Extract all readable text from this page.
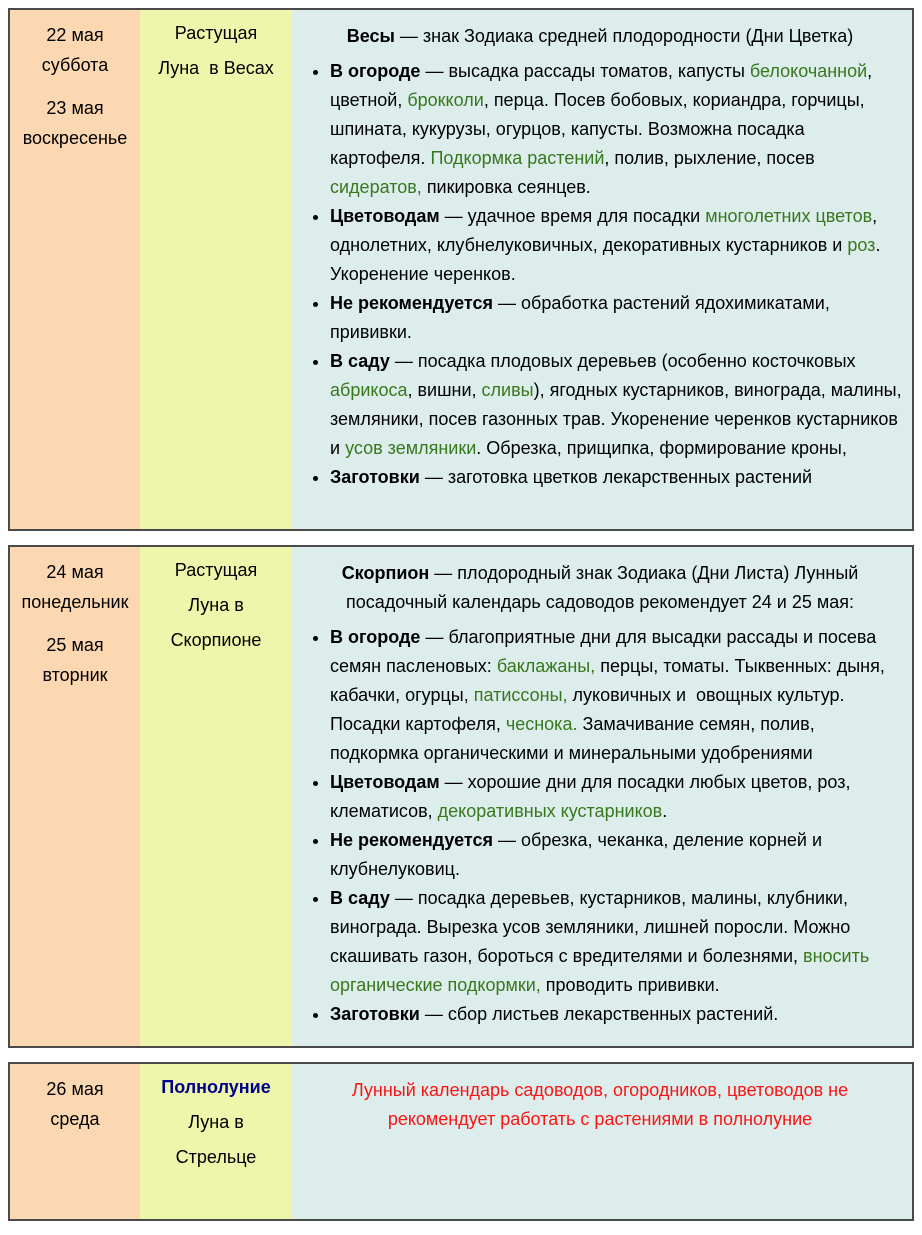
22 мая
суббота
23 мая
воскресенье
Растущая
Луна  в Весах

Весы — знак Зодиака средней плодородности (Дни Цветка)

• В огороде — высадка рассады томатов, капусты белокочанной, цветной, брокколи, перца. Посев бобовых, кориандра, горчицы, шпината, кукурузы, огурцов, капусты. Возможна посадка картофеля. Подкормка растений, полив, рыхление, посев сидератов, пикировка сеянцев.
• Цветоводам — удачное время для посадки многолетних цветов, однолетних, клубнелуковичных, декоративных кустарников и роз. Укоренение черенков.
• Не рекомендуется — обработка растений ядохимикатами, прививки.
• В саду — посадка плодовых деревьев (особенно косточковых абрикоса, вишни, сливы), ягодных кустарников, винограда, малины, земляники, посев газонных трав. Укоренение черенков кустарников и усов земляники. Обрезка, прищипка, формирование кроны,
• Заготовки — заготовка цветков лекарственных растений
24 мая
понедельник
25 мая
вторник
Растущая
Луна в
Скорпионе

Скорпион — плодородный знак Зодиака (Дни Листа) Лунный посадочный календарь садоводов рекомендует 24 и 25 мая:

• В огороде — благоприятные дни для высадки рассады и посева семян пасленовых: баклажаны, перцы, томаты. Тыквенных: дыня, кабачки, огурцы, патиссоны, луковичных и  овощных культур. Посадки картофеля, чеснока. Замачивание семян, полив, подкормка органическими и минеральными удобрениями
• Цветоводам — хорошие дни для посадки любых цветов, роз, клематисов, декоративных кустарников.
• Не рекомендуется — обрезка, чеканка, деление корней и клубнелуковиц.
• В саду — посадка деревьев, кустарников, малины, клубники, винограда. Вырезка усов земляники, лишней поросли. Можно скашивать газон, бороться с вредителями и болезнями, вносить органические подкормки, проводить прививки.
• Заготовки — сбор листьев лекарственных растений.
26 мая
среда
Полнолуние
Луна в
Стрельце

Лунный календарь садоводов, огородников, цветоводов не рекомендует работать с растениями в полнолуние
